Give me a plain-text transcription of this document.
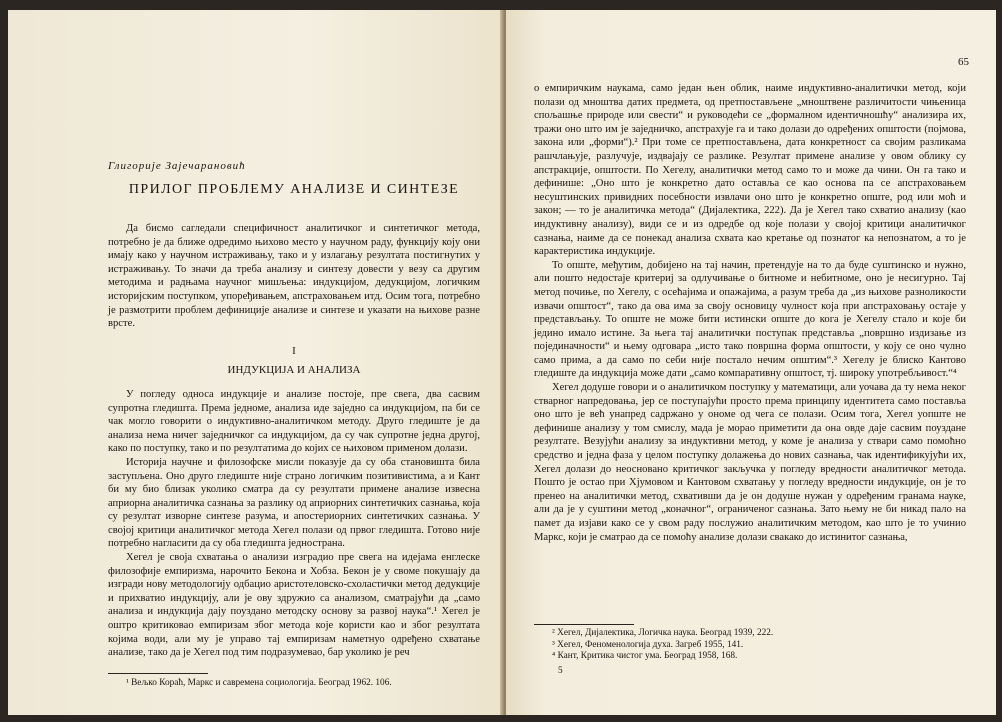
Глигорије Зајечарановић
ПРИЛОГ ПРОБЛЕМУ АНАЛИЗЕ И СИНТЕЗЕ

Да бисмо сагледали специфичност аналитичког и синтетичког метода, потребно је да ближе одредимо њихово место у научном раду, функцију коју они имају како у научном истраживању, тако и у излагању резултата постигнутих у истраживању. То значи да треба анализу и синтезу довести у везу са другим методима и радњама научног мишљења: индукцијом, дедукцијом, логичким историјским поступком, упоређивањем, апстраховањем итд. Осим тога, потребно је размотрити проблем дефиниције анализе и синтезе и указати на њихове разне врсте.

I
ИНДУКЦИЈА И АНАЛИЗА

У погледу односа индукције и анализе постоје, пре свега, два сасвим супротна гледишта. Према једноме, анализа иде заједно са индукцијом, па би се чак могло говорити о индуктивно-аналитичком методу. Друго гледиште је да анализа нема ничег заједничког са индукцијом, да су чак супротне једна другој, како по поступку, тако и по резултатима до којих се њиховом применом долази.

Историја научне и филозофске мисли показује да су оба становишта била заступљена. Оно друго гледиште није страно логичким позитивистима, а и Кант би му био близак уколико сматра да су резултати примене анализе извесна априорна аналитичка сазнања за разлику од априорних синтетичких сазнања, која су резултат изворне синтезе разума, и апостериорних синтетичких сазнања. У својој критици аналитичког метода Хегел полази од првог гледишта. Готово није потребно нагласити да су оба гледишта једнострана.

Хегел је своја схватања о анализи изградио пре свега на идејама енглеске филозофије емпиризма, нарочито Бекона и Хобза. Бекон је у своме покушају да изгради нову методологију одбацио аристотеловско-схоластички метод дедукције и прихватио индукцију, али је ову здружио са анализом, сматрајући да „само анализа и индукција дају поуздано методску основу за развој наука“.¹ Хегел је оштро критиковао емпиризам због метода које користи као и због резултата којима води, али му је управо тај емпиризам наметнуо одређено схватање анализе, тако да је Хегел под тим подразумевао, бар уколико је реч

¹ Вељко Кораћ, Маркс и савремена социологија. Београд 1962. 106.
65

о емпиричким наукама, само један њен облик, наиме индуктивно-аналитички метод, који полази од мноштва датих предмета, од претпостављене „мноштвене различитости чињеница спољашње природе или свести“ и руководећи се „формалном идентичношћу“ анализира их, тражи оно што им је заједничко, апстрахује га и тако долази до одређених општости (појмова, закона или „форми“).² При томе се претпостављена, дата конкретност са својим разликама рашчлањује, разлучује, издвајају се разлике. Резултат примене анализе у овом облику су апстракције, општости. По Хегелу, аналитички метод само то и може да чини. Он га тако и дефинише: „Оно што је конкретно дато оставља се као основа па се апстраховањем несуштинских привидних посебности извлачи оно што је конкретно опште, род или моћ и закон; — то је аналитичка метода“ (Дијалектика, 222). Да је Хегел тако схватио анализу (као индуктивну анализу), види се и из одредбе од које полази у својој критици аналитичког сазнања, наиме да се понекад анализа схвата као кретање од познатог ка непознатом, а то је карактеристика индукције.

То опште, међутим, добијено на тај начин, претендује на то да буде суштинско и нужно, али пошто недостаје критериј за одлучивање о битноме и небитноме, оно је несигурно. Тај метод почиње, по Хегелу, с осећајима и опажајима, а разум треба да „из њихове разноликости извачи општост“, тако да ова има за своју основицу чулност која при апстраховању остаје у представљању. То опште не може бити истински опште до кога је Хегелу стало и које би једино имало истине. За њега тај аналитички поступак представља „површно издизање из појединачности“ и њему одговара „исто тако површна форма општости, у коју се оно чулно само прима, а да само по себи није постало нечим општим“.³ Хегелу је блиско Кантово гледиште да индукција може дати „само компаративну општост, тј. широку употребљивост.“⁴

Хегел додуше говори и о аналитичком поступку у математици, али уочава да ту нема неког стварног напредовања, јер се поступајући просто према принципу идентитета само поставља оно што је већ унапред садржано у ономе од чега се полази. Осим тога, Хегел уопште не дефинише анализу у том смислу, мада је морао приметити да она овде даје сасвим поуздане резултате. Везујући анализу за индуктивни метод, у коме је анализа у ствари само помоћно средство и једна фаза у целом поступку долажења до нових сазнања, чак идентификујући их, Хегел долази до неосновано критичког закључка у погледу вредности аналитичког метода. Пошто је остао при Хјумовом и Кантовом схватању у погледу вредности индукције, он је то пренео на аналитички метод, схвативши да је он додуше нужан у одређеним гранама науке, али да је у суштини метод „коначног“, ограниченог сазнања. Зато њему не би никад пало на памет да изјави како се у свом раду послужио аналитичким методом, као што је то учинио Маркс, који је сматрао да се помоћу анализе долази свакако до истинитог сазнања,

² Хегел, Дијалектика, Логичка наука. Београд 1939, 222.
³ Хегел, Феноменологија духа. Загреб 1955, 141.
⁴ Кант, Критика чистог ума. Београд 1958, 168.
5
